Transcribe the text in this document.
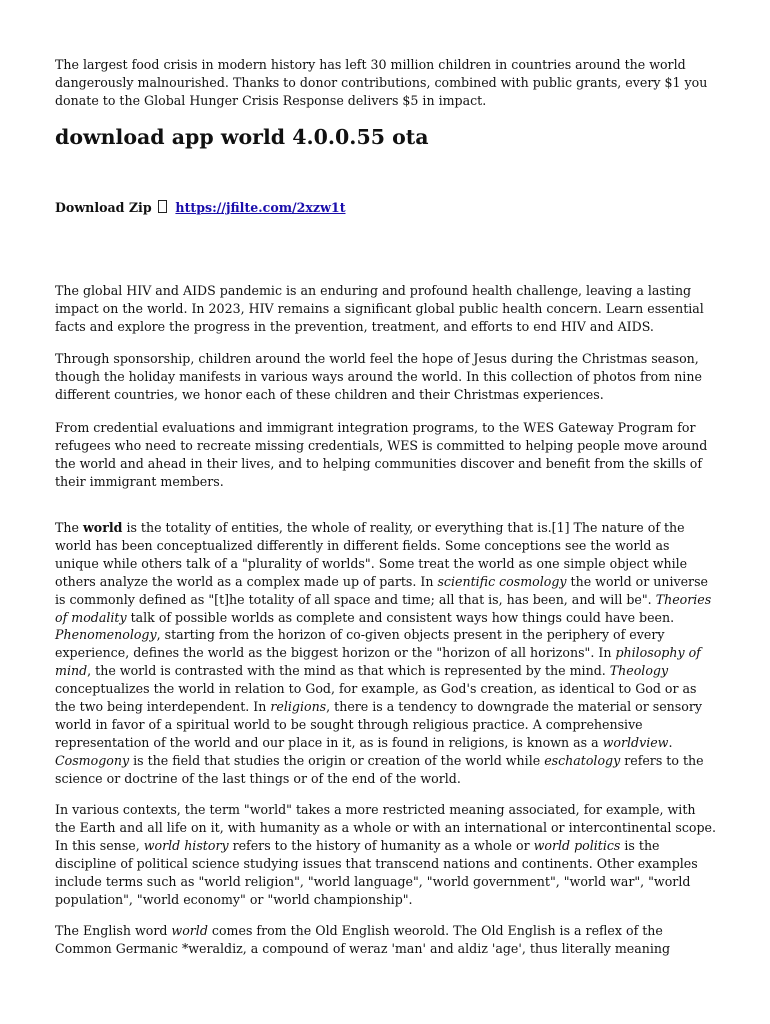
The largest food crisis in modern history has left 30 million children in countries around the world dangerously malnourished. Thanks to donor contributions, combined with public grants, every $1 you donate to the Global Hunger Crisis Response delivers $5 in impact.

download app world 4.0.0.55 ota

Download Zip https://jfilte.com/2xzw1t

The global HIV and AIDS pandemic is an enduring and profound health challenge, leaving a lasting impact on the world. In 2023, HIV remains a significant global public health concern. Learn essential facts and explore the progress in the prevention, treatment, and efforts to end HIV and AIDS.

Through sponsorship, children around the world feel the hope of Jesus during the Christmas season, though the holiday manifests in various ways around the world. In this collection of photos from nine different countries, we honor each of these children and their Christmas experiences.

From credential evaluations and immigrant integration programs, to the WES Gateway Program for refugees who need to recreate missing credentials, WES is committed to helping people move around the world and ahead in their lives, and to helping communities discover and benefit from the skills of their immigrant members.

The world is the totality of entities, the whole of reality, or everything that is.[1] The nature of the world has been conceptualized differently in different fields. Some conceptions see the world as unique while others talk of a "plurality of worlds". Some treat the world as one simple object while others analyze the world as a complex made up of parts. In scientific cosmology the world or universe is commonly defined as "[t]he totality of all space and time; all that is, has been, and will be". Theories of modality talk of possible worlds as complete and consistent ways how things could have been. Phenomenology, starting from the horizon of co-given objects present in the periphery of every experience, defines the world as the biggest horizon or the "horizon of all horizons". In philosophy of mind, the world is contrasted with the mind as that which is represented by the mind. Theology conceptualizes the world in relation to God, for example, as God's creation, as identical to God or as the two being interdependent. In religions, there is a tendency to downgrade the material or sensory world in favor of a spiritual world to be sought through religious practice. A comprehensive representation of the world and our place in it, as is found in religions, is known as a worldview. Cosmogony is the field that studies the origin or creation of the world while eschatology refers to the science or doctrine of the last things or of the end of the world.

In various contexts, the term "world" takes a more restricted meaning associated, for example, with the Earth and all life on it, with humanity as a whole or with an international or intercontinental scope. In this sense, world history refers to the history of humanity as a whole or world politics is the discipline of political science studying issues that transcend nations and continents. Other examples include terms such as "world religion", "world language", "world government", "world war", "world population", "world economy" or "world championship".

The English word world comes from the Old English weorold. The Old English is a reflex of the Common Germanic *weraldiz, a compound of weraz 'man' and aldiz 'age', thus literally meaning
